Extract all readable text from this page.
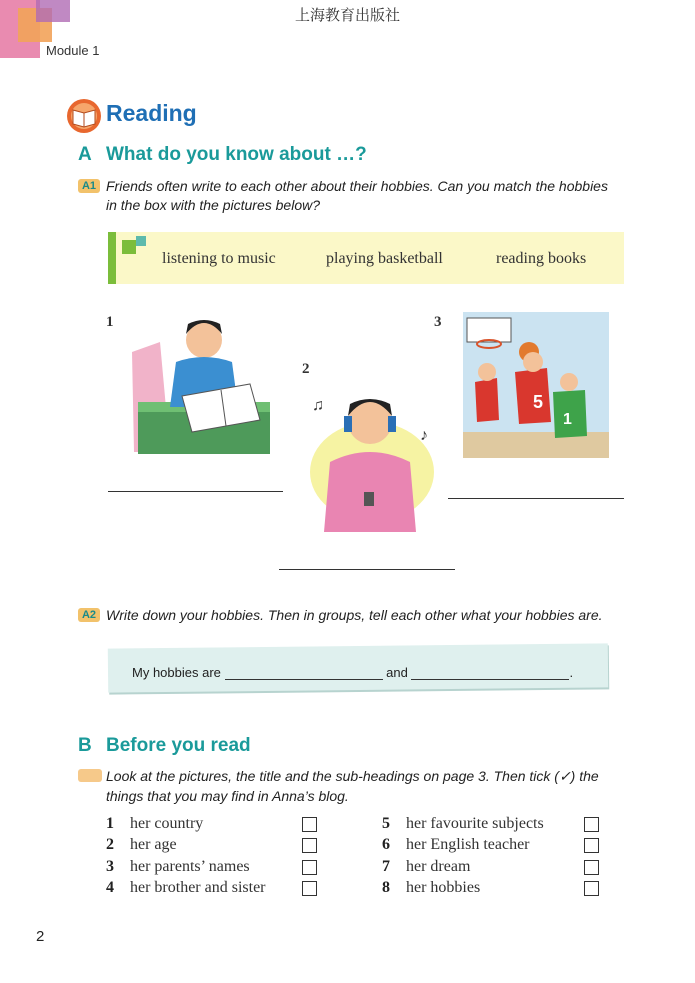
上海教育出版社
Module 1
Reading
A What do you know about …?
A1 Friends often write to each other about their hobbies. Can you match the hobbies
in the box with the pictures below?
listening to music	playing basketball	reading books
1
2
♫
♪
3
5
1
A2 Write down your hobbies. Then in groups, tell each other what your hobbies are.
My hobbies are	and	.
B Before you read
Look at the pictures, the title and the sub-headings on page 3. Then tick (✓) the
things that you may find in Anna’s blog.
1 her country
2 her age
3 her parents’ names
4 her brother and sister
5 her favourite subjects
6 her English teacher
7 her dream
8 her hobbies
2
